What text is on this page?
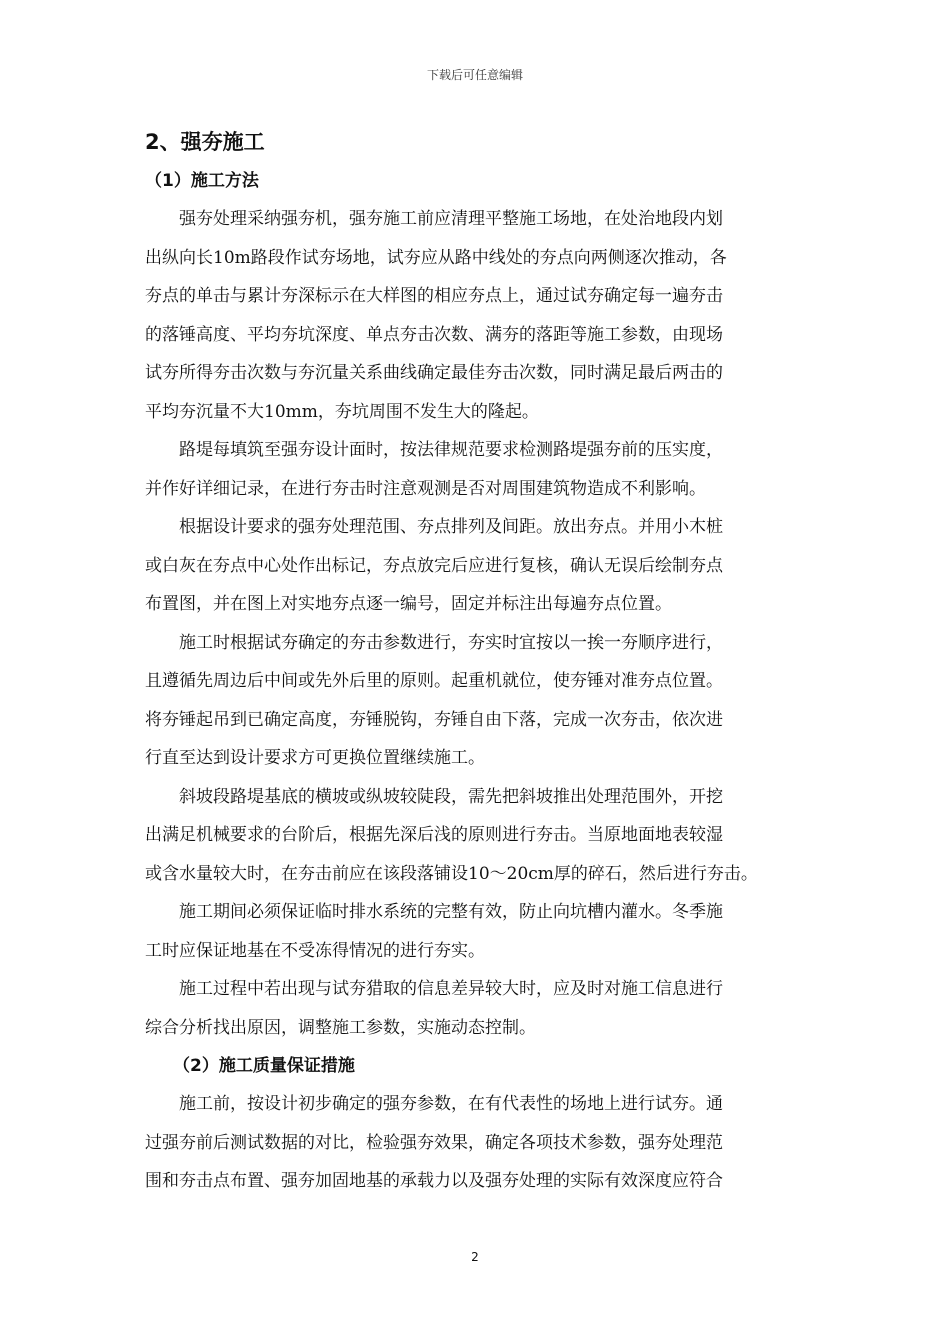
下载后可任意编辑
2、强夯施工
（1）施工方法
强夯处理采纳强夯机，强夯施工前应清理平整施工场地，在处治地段内划
出纵向长10m路段作试夯场地，试夯应从路中线处的夯点向两侧逐次推动，各
夯点的单击与累计夯深标示在大样图的相应夯点上，通过试夯确定每一遍夯击
的落锤高度、平均夯坑深度、单点夯击次数、满夯的落距等施工参数，由现场
试夯所得夯击次数与夯沉量关系曲线确定最佳夯击次数，同时满足最后两击的
平均夯沉量不大10mm，夯坑周围不发生大的隆起。
路堤每填筑至强夯设计面时，按法律规范要求检测路堤强夯前的压实度，
并作好详细记录，在进行夯击时注意观测是否对周围建筑物造成不利影响。
根据设计要求的强夯处理范围、夯点排列及间距。放出夯点。并用小木桩
或白灰在夯点中心处作出标记，夯点放完后应进行复核，确认无误后绘制夯点
布置图，并在图上对实地夯点逐一编号，固定并标注出每遍夯点位置。
施工时根据试夯确定的夯击参数进行，夯实时宜按以一挨一夯顺序进行，
且遵循先周边后中间或先外后里的原则。起重机就位，使夯锤对准夯点位置。
将夯锤起吊到已确定高度，夯锤脱钩，夯锤自由下落，完成一次夯击，依次进
行直至达到设计要求方可更换位置继续施工。
斜坡段路堤基底的横坡或纵坡较陡段，需先把斜坡推出处理范围外，开挖
出满足机械要求的台阶后，根据先深后浅的原则进行夯击。当原地面地表较湿
或含水量较大时，在夯击前应在该段落铺设10～20cm厚的碎石，然后进行夯击。
施工期间必须保证临时排水系统的完整有效，防止向坑槽内灌水。冬季施
工时应保证地基在不受冻得情况的进行夯实。
施工过程中若出现与试夯猎取的信息差异较大时，应及时对施工信息进行
综合分析找出原因，调整施工参数，实施动态控制。
（2）施工质量保证措施
施工前，按设计初步确定的强夯参数，在有代表性的场地上进行试夯。通
过强夯前后测试数据的对比，检验强夯效果，确定各项技术参数，强夯处理范
围和夯击点布置、强夯加固地基的承载力以及强夯处理的实际有效深度应符合
2
